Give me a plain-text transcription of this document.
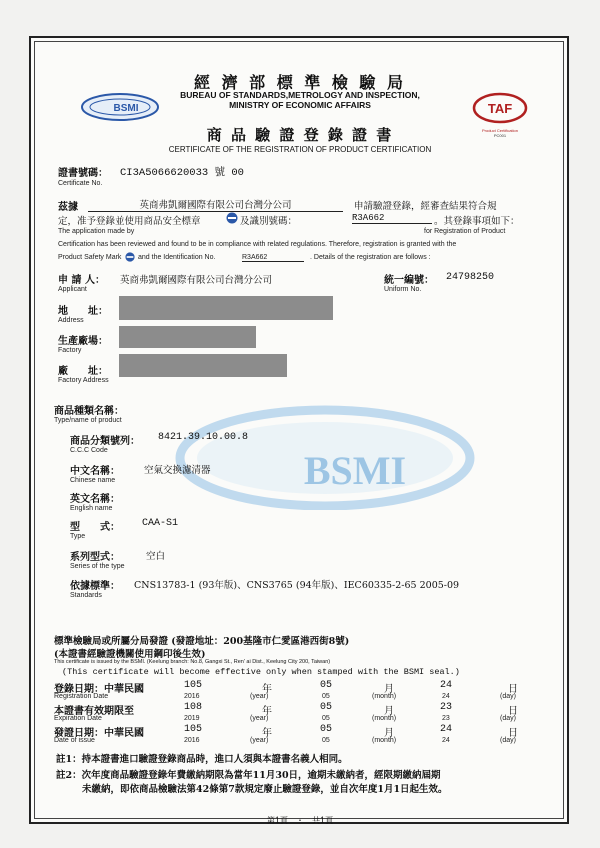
BSMI
BSMI	TAF
Product Certification
PC001
經 濟 部 標 準 檢 驗 局
BUREAU OF STANDARDS,METROLOGY AND INSPECTION,
MINISTRY OF ECONOMIC AFFAIRS
商 品 驗 證 登 錄 證 書
CERTIFICATE OF THE REGISTRATION OF PRODUCT CERTIFICATION
證書號碼： CI3A5066620033 號 00
Certificate No.
茲據	英商弗凱爾國際有限公司台灣分公司	申請驗證登錄，經審查結果符合規
定，准予登錄並使用商品安全標章	及識別號碼：	R3A662	。其登錄事項如下：
The application made by	for Registration of Product
Certification has been reviewed and found to be in compliance with related regulations. Therefore, registration is granted with the
Product Safety Mark and the Identification No.	R3A662	. Details of the registration are follows :
申 請 人： 英商弗凱爾國際有限公司台灣分公司
Applicant
統一編號： 24798250
Uniform No.
地　　址：
Address
生產廠場：
Factory
廠　　址：
Factory Address
商品種類名稱：
Type/name of product
商品分類號列： 8421.39.10.00.8
C.C.C Code
中文名稱：	空氣交換濾清器
Chinese name
英文名稱：
English name
型　　式： CAA-S1
Type
系列型式：	空白
Series of the type
依據標準： CNS13783-1 (93年版)、CNS3765 (94年版)、IEC60335-2-65 2005-09
Standards
標準檢驗局或所屬分局發證 (發證地址：200基隆市仁愛區港西街8號)
(本證書經驗證機關使用鋼印後生效)
This certificate is issued by the BSMI. (Keelung branch: No.8, Gangxi St., Ren' ai Dist., Keelung City 200, Taiwan)
(This certificate will become effective only when stamped with the BSMI seal.)
登錄日期：中華民國	105	年	05	月	24	日
Registration Date	2016	(year)	05	(month)	24	(day)
本證書有效期限至	108	年	05	月	23	日
Expiration Date	2019	(year)	05	(month)	23	(day)
發證日期：中華民國	105	年	05	月	24	日
Date of issue	2016	(year)	05	(month)	24	(day)
註1：持本證書進口驗證登錄商品時，進口人須與本證書名義人相同。
註2：次年度商品驗證登錄年費繳納期限為當年11月30日，逾期未繳納者，經限期繳納屆期
未繳納，即依商品檢驗法第42條第7款規定廢止驗證登錄，並自次年度1月1日起生效。
第1頁　・　共1頁
